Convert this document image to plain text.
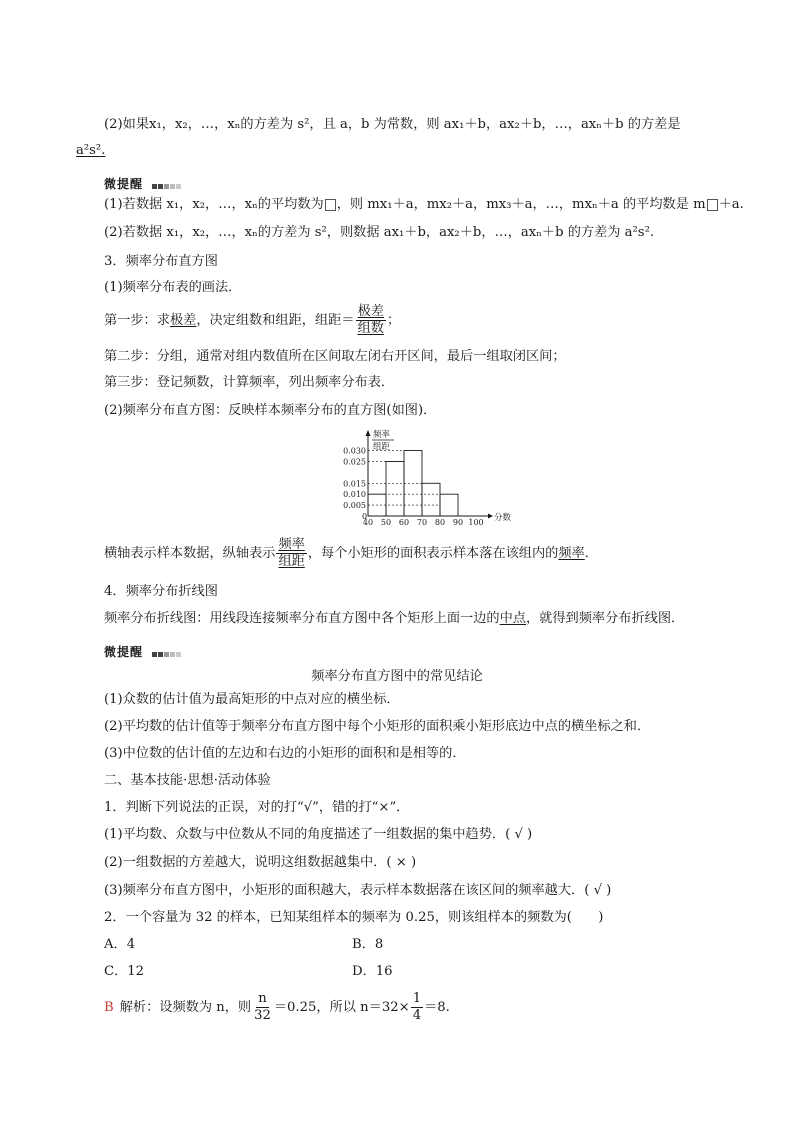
(2)如果x₁，x₂，…，xₙ的方差为 s²，且 a，b 为常数，则 ax₁＋b，ax₂＋b，…，axₙ＋b 的方差是
a²s².
微提醒
(1)若数据 x₁，x₂，…，xₙ的平均数为 ，则 mx₁＋a，mx₂＋a，mx₃＋a，…，mxₙ＋a 的平均数是 m ＋a.
(2)若数据 x₁，x₂，…，xₙ的方差为 s²，则数据 ax₁＋b，ax₂＋b，…，axₙ＋b 的方差为 a²s².
3．频率分布直方图
(1)频率分布表的画法．
第一步：求极差，决定组数和组距，组距＝ $\frac{\text{极差}}{\text{组数}}$ ；
第二步：分组，通常对组内数值所在区间取左闭右开区间，最后一组取闭区间；
第三步：登记频数，计算频率，列出频率分布表．
(2)频率分布直方图：反映样本频率分布的直方图(如图)．
频率
组距
分数
0
0.005
0.010
0.015
0.025
0.030
40 50 60 70 80 90 100
横轴表示样本数据，纵轴表示 $\frac{\text{频率}}{\text{组距}}$ ，每个小矩形的面积表示样本落在该组内的频率．
4．频率分布折线图
频率分布折线图：用线段连接频率分布直方图中各个矩形上面一边的中点，就得到频率分布折线图．
微提醒
频率分布直方图中的常见结论
(1)众数的估计值为最高矩形的中点对应的横坐标．
(2)平均数的估计值等于频率分布直方图中每个小矩形的面积乘小矩形底边中点的横坐标之和．
(3)中位数的估计值的左边和右边的小矩形的面积和是相等的．
二、基本技能·思想·活动体验
1．判断下列说法的正误，对的打“√”，错的打“×”．
(1)平均数、众数与中位数从不同的角度描述了一组数据的集中趋势．( √ )
(2)一组数据的方差越大，说明这组数据越集中．( × )
(3)频率分布直方图中，小矩形的面积越大，表示样本数据落在该区间的频率越大．( √ )
2．一个容量为 32 的样本，已知某组样本的频率为 0.25，则该组样本的频数为(　　)
A．4	B．8
C．12	D．16
B 解析：设频数为 n，则 $\frac{n}{32} =0.25$，所以 $n=32\times \frac{1}{4} =8$.
